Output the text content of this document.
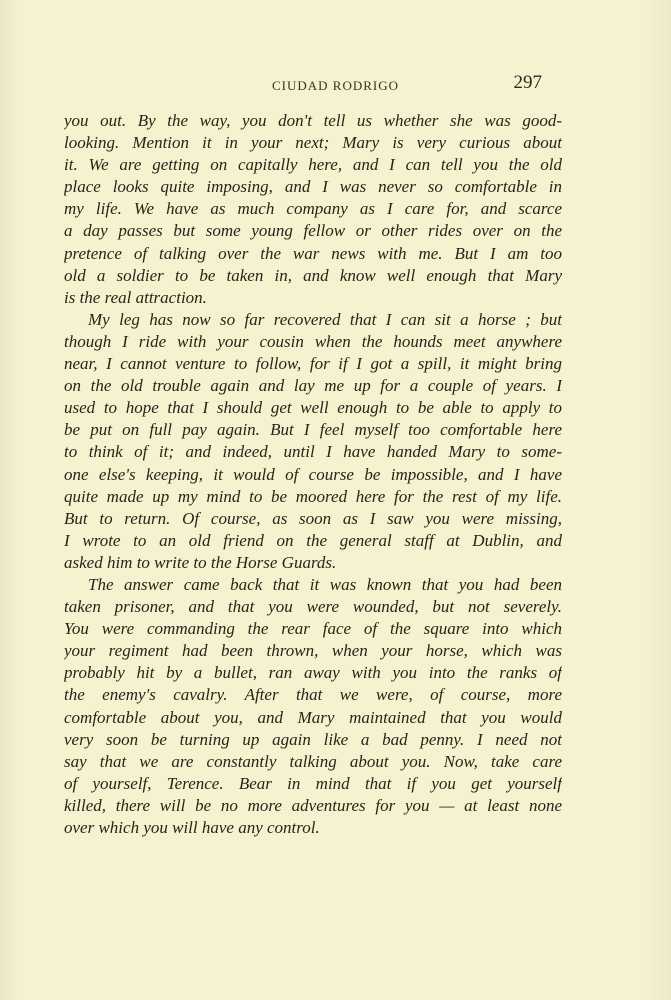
CIUDAD RODRIGO	297
you out. By the way, you don't tell us whether she was good-
looking. Mention it in your next; Mary is very curious about
it. We are getting on capitally here, and I can tell you the old
place looks quite imposing, and I was never so comfortable in
my life. We have as much company as I care for, and scarce
a day passes but some young fellow or other rides over on the
pretence of talking over the war news with me. But I am too
old a soldier to be taken in, and know well enough that Mary
is the real attraction.
My leg has now so far recovered that I can sit a horse ; but
though I ride with your cousin when the hounds meet anywhere
near, I cannot venture to follow, for if I got a spill, it might bring
on the old trouble again and lay me up for a couple of years. I
used to hope that I should get well enough to be able to apply to
be put on full pay again. But I feel myself too comfortable here
to think of it; and indeed, until I have handed Mary to some-
one else's keeping, it would of course be impossible, and I have
quite made up my mind to be moored here for the rest of my life.
But to return. Of course, as soon as I saw you were missing,
I wrote to an old friend on the general staff at Dublin, and
asked him to write to the Horse Guards.
The answer came back that it was known that you had been
taken prisoner, and that you were wounded, but not severely.
You were commanding the rear face of the square into which
your regiment had been thrown, when your horse, which was
probably hit by a bullet, ran away with you into the ranks of
the enemy's cavalry. After that we were, of course, more
comfortable about you, and Mary maintained that you would
very soon be turning up again like a bad penny. I need not
say that we are constantly talking about you. Now, take care
of yourself, Terence. Bear in mind that if you get yourself
killed, there will be no more adventures for you — at least none
over which you will have any control.
